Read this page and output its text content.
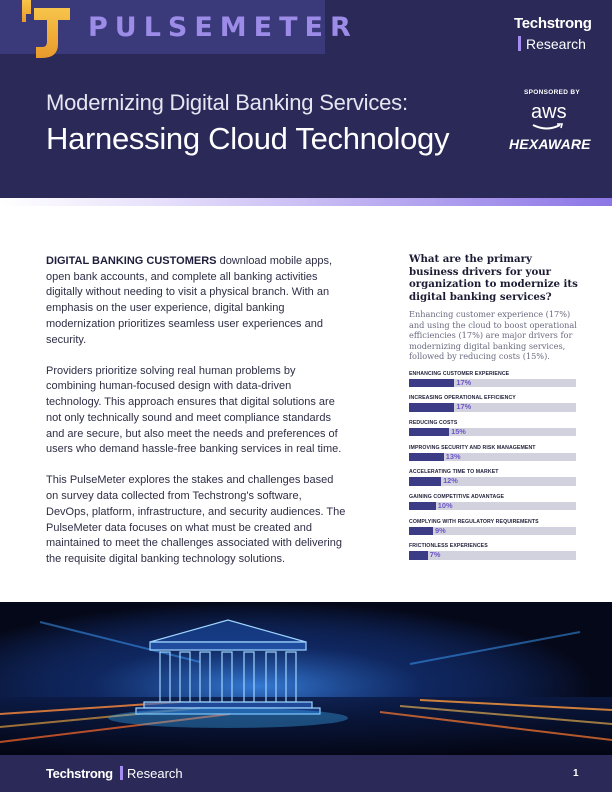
PULSEMETER	Techstrong
Research
Modernizing Digital Banking Services:
Harnessing Cloud Technology
SPONSORED BY
aws
HEXAWARE

DIGITAL BANKING CUSTOMERS download mobile apps, open bank accounts, and complete all banking activities digitally without needing to visit a physical branch. With an emphasis on the user experience, digital banking modernization prioritizes seamless user experiences and security.

Providers prioritize solving real human problems by combining human-focused design with data-driven technology. This approach ensures that digital solutions are not only technically sound and meet compliance standards and are secure, but also meet the needs and preferences of users who demand hassle-free banking services in real time.

This PulseMeter explores the stakes and challenges based on survey data collected from Techstrong's software, DevOps, platform, infrastructure, and security audiences. The PulseMeter data focuses on what must be created and maintained to meet the challenges associated with delivering the requisite digital banking technology solutions.

What are the primary business drivers for your organization to modernize its digital banking services?
Enhancing customer experience (17%) and using the cloud to boost operational efficiencies (17%) are major drivers for modernizing digital banking services, followed by reducing costs (15%).
ENHANCING CUSTOMER EXPERIENCE
17%
INCREASING OPERATIONAL EFFICIENCY
17%
REDUCING COSTS
15%
IMPROVING SECURITY AND RISK MANAGEMENT
13%
ACCELERATING TIME TO MARKET
12%
GAINING COMPETITIVE ADVANTAGE
10%
COMPLYING WITH REGULATORY REQUIREMENTS
9%
FRICTIONLESS EXPERIENCES
7%
Techstrong	Research	1
